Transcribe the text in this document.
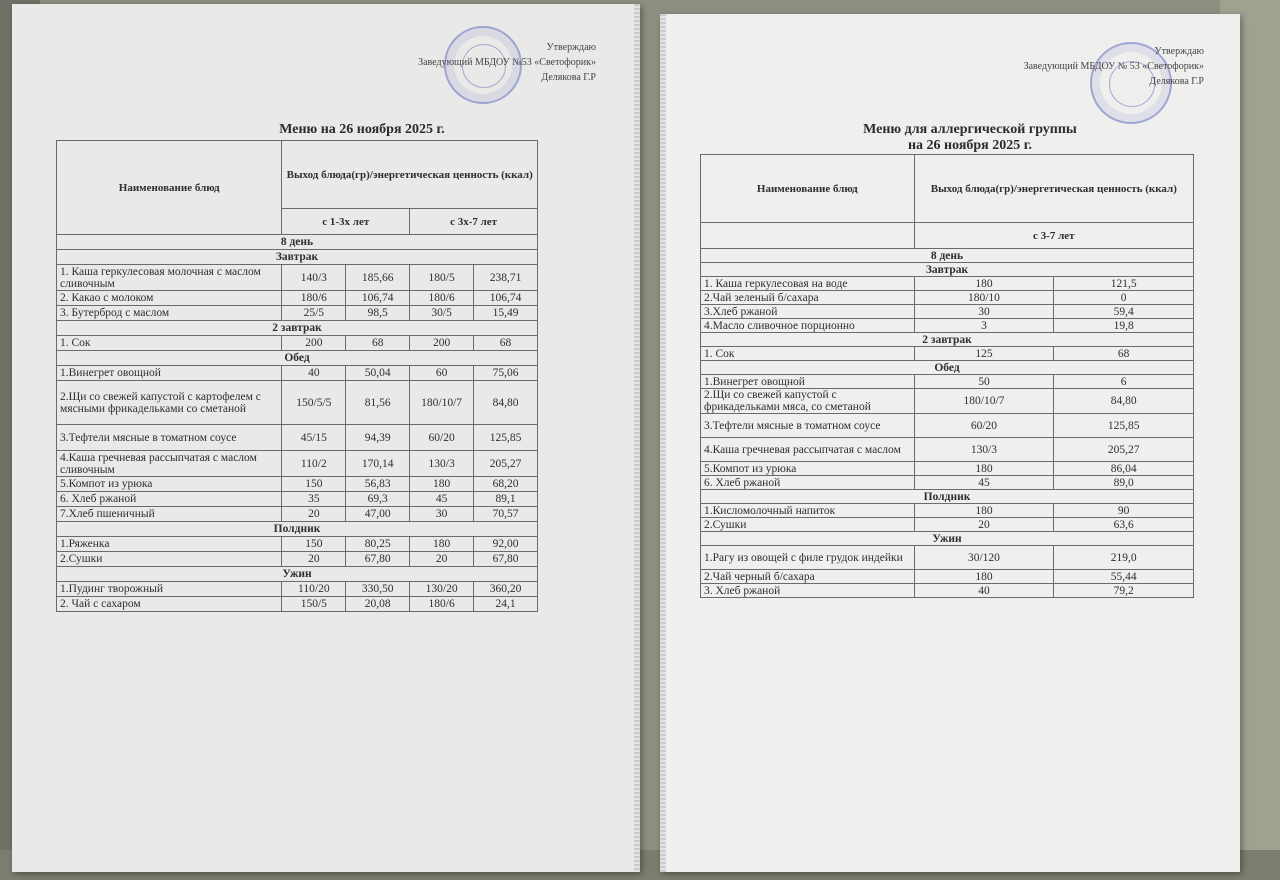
Утверждаю
Заведующий МБДОУ №53 «Светофорик»
Делякова Г.Р
Меню на 26 ноября 2025 г.
Наименование блюд	Выход блюда(гр)/энергетическая ценность (ккал)			
	с 1-3х лет		с 3х-7 лет	
8 день				
Завтрак				
1. Каша геркулесовая молочная с маслом сливочным	140/3	185,66	180/5	238,71
2. Какао с молоком	180/6	106,74	180/6	106,74
3. Бутерброд с маслом	25/5	98,5	30/5	15,49
2 завтрак				
1. Сок	200	68	200	68
Обед				
1.Винегрет овощной	40	50,04	60	75,06
2.Щи со свежей капустой с картофелем с мясными фрикадельками со сметаной	150/5/5	81,56	180/10/7	84,80
3.Тефтели мясные в томатном соусе	45/15	94,39	60/20	125,85
4.Каша гречневая рассыпчатая с маслом сливочным	110/2	170,14	130/3	205,27
5.Компот из урюка	150	56,83	180	68,20
6. Хлеб ржаной	35	69,3	45	89,1
7.Хлеб пшеничный	20	47,00	30	70,57
Полдник				
1.Ряженка	150	80,25	180	92,00
2.Сушки	20	67,80	20	67,80
Ужин				
1.Пудинг творожный	110/20	330,50	130/20	360,20
2. Чай с сахаром	150/5	20,08	180/6	24,1
Утверждаю
Заведующий МБДОУ № 53 «Светофорик»
Делякова Г.Р
Меню для аллергической группы
на 26 ноября 2025 г.
Наименование блюд	Выход блюда(гр)/энергетическая ценность (ккал)	
	с 3-7 лет	
8 день		
Завтрак		
1. Каша геркулесовая на воде	180	121,5
2.Чай зеленый б/сахара	180/10	0
3.Хлеб ржаной	30	59,4
4.Масло сливочное порционно	3	19,8
2 завтрак		
1. Сок	125	68
Обед		
1.Винегрет овощной	50	6
2.Щи со свежей капустой с фрикадельками мяса, со сметаной	180/10/7	84,80
3.Тефтели мясные в томатном соусе	60/20	125,85
4.Каша гречневая рассыпчатая с маслом	130/3	205,27
5.Компот из урюка	180	86,04
6. Хлеб ржаной	45	89,0
Полдник		
1.Кисломолочный напиток	180	90
2.Сушки	20	63,6
Ужин		
1.Рагу из овощей с филе грудок индейки	30/120	219,0
2.Чай черный б/сахара	180	55,44
3. Хлеб ржаной	40	79,2
